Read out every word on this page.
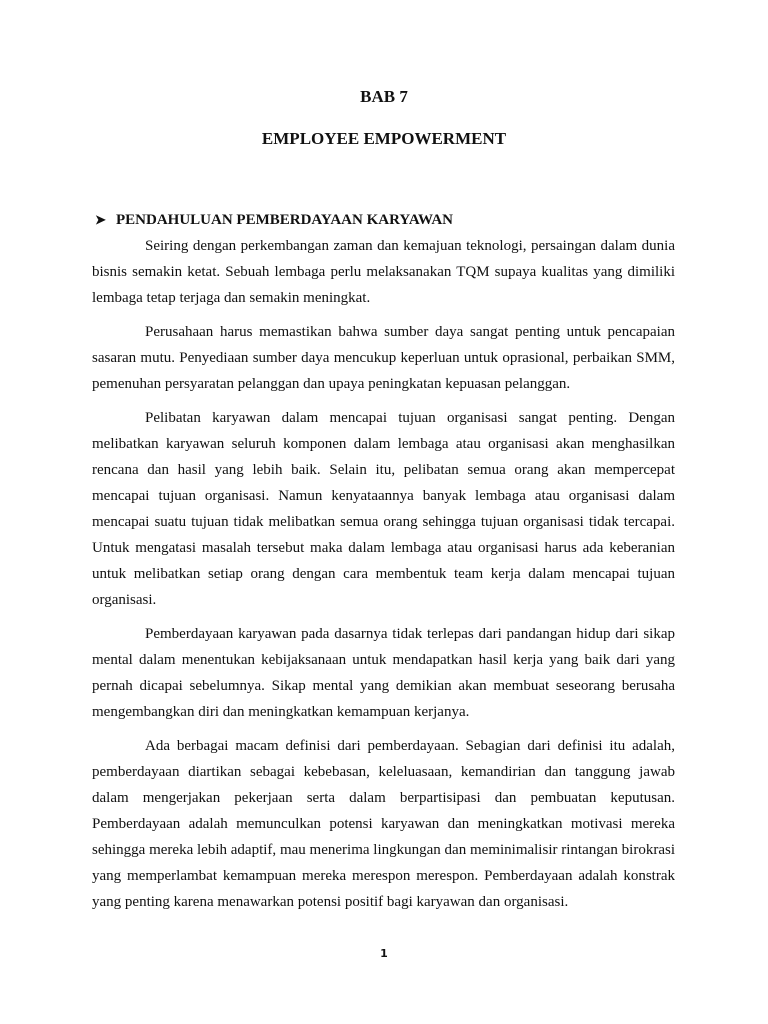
BAB 7
EMPLOYEE EMPOWERMENT
➤ PENDAHULUAN PEMBERDAYAAN KARYAWAN

Seiring dengan perkembangan zaman dan kemajuan teknologi, persaingan dalam dunia bisnis semakin ketat. Sebuah lembaga perlu melaksanakan TQM supaya kualitas yang dimiliki lembaga tetap terjaga dan semakin meningkat.

Perusahaan harus memastikan bahwa sumber daya sangat penting untuk pencapaian sasaran mutu. Penyediaan sumber daya mencukup keperluan untuk oprasional, perbaikan SMM, pemenuhan persyaratan pelanggan dan upaya peningkatan kepuasan pelanggan.

Pelibatan karyawan dalam mencapai tujuan organisasi sangat penting. Dengan melibatkan karyawan seluruh komponen dalam lembaga atau organisasi akan menghasilkan rencana dan hasil yang lebih baik. Selain itu, pelibatan semua orang akan mempercepat mencapai tujuan organisasi. Namun kenyataannya banyak lembaga atau organisasi dalam mencapai suatu tujuan tidak melibatkan semua orang sehingga tujuan organisasi tidak tercapai. Untuk mengatasi masalah tersebut maka dalam lembaga atau organisasi harus ada keberanian untuk melibatkan setiap orang dengan cara membentuk team kerja dalam mencapai tujuan organisasi.

Pemberdayaan karyawan pada dasarnya tidak terlepas dari pandangan hidup dari sikap mental dalam menentukan kebijaksanaan untuk mendapatkan hasil kerja yang baik dari yang pernah dicapai sebelumnya. Sikap mental yang demikian akan membuat seseorang berusaha mengembangkan diri dan meningkatkan kemampuan kerjanya.

Ada berbagai macam definisi dari pemberdayaan. Sebagian dari definisi itu adalah, pemberdayaan diartikan sebagai kebebasan, keleluasaan, kemandirian dan tanggung jawab dalam mengerjakan pekerjaan serta dalam berpartisipasi dan pembuatan keputusan. Pemberdayaan adalah memunculkan potensi karyawan dan meningkatkan motivasi mereka sehingga mereka lebih adaptif, mau menerima lingkungan dan meminimalisir rintangan birokrasi yang memperlambat kemampuan mereka merespon merespon. Pemberdayaan adalah konstrak yang penting karena menawarkan potensi positif bagi karyawan dan organisasi.

1
